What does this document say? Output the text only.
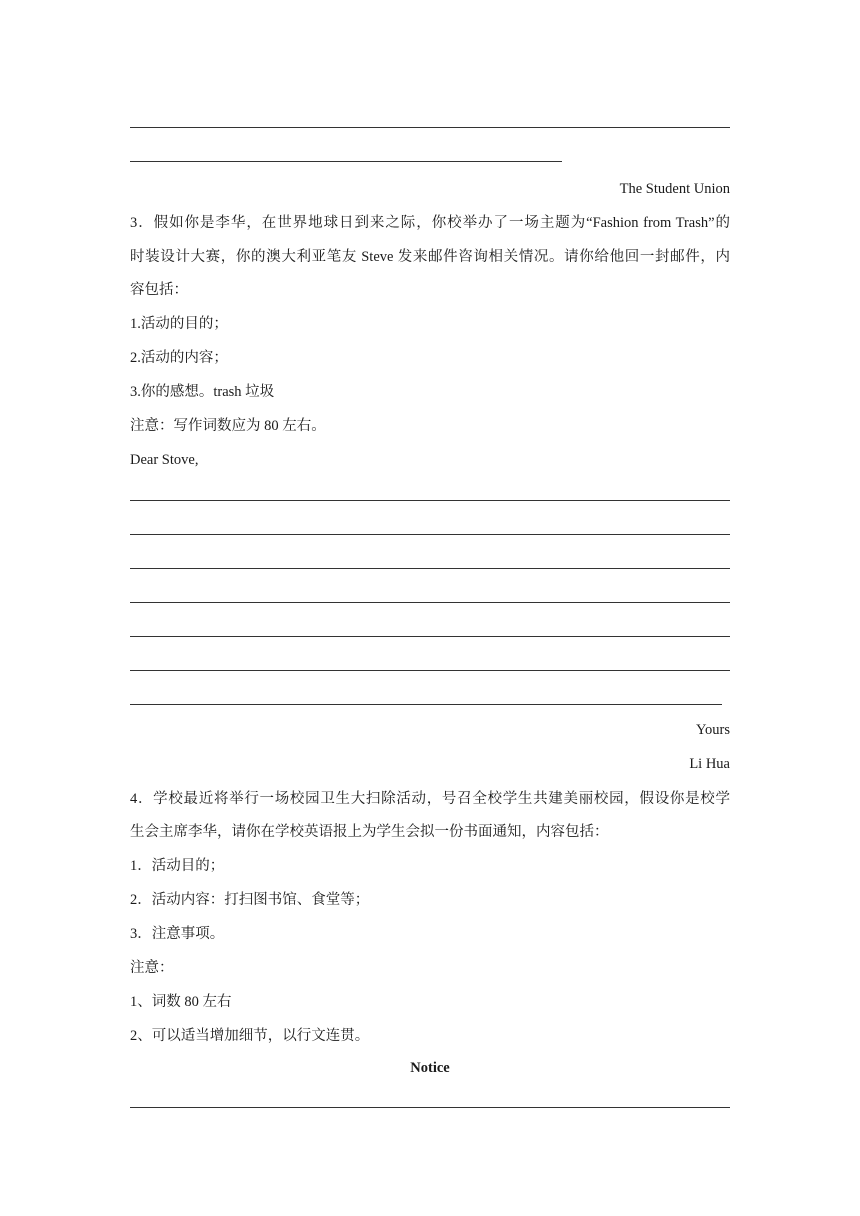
The Student Union
3．假如你是李华，在世界地球日到来之际，你校举办了一场主题为“Fashion from Trash”的
时装设计大赛，你的澳大利亚笔友 Steve 发来邮件咨询相关情况。请你给他回一封邮件，内
容包括：
1.活动的目的；
2.活动的内容；
3.你的感想。trash 垃圾
注意：写作词数应为 80 左右。
Dear Stove,
Yours
Li Hua
4．学校最近将举行一场校园卫生大扫除活动，号召全校学生共建美丽校园，假设你是校学
生会主席李华，请你在学校英语报上为学生会拟一份书面通知，内容包括：
1．活动目的；
2．活动内容：打扫图书馆、食堂等；
3．注意事项。
注意：
1、词数 80 左右
2、可以适当增加细节，以行文连贯。
Notice
